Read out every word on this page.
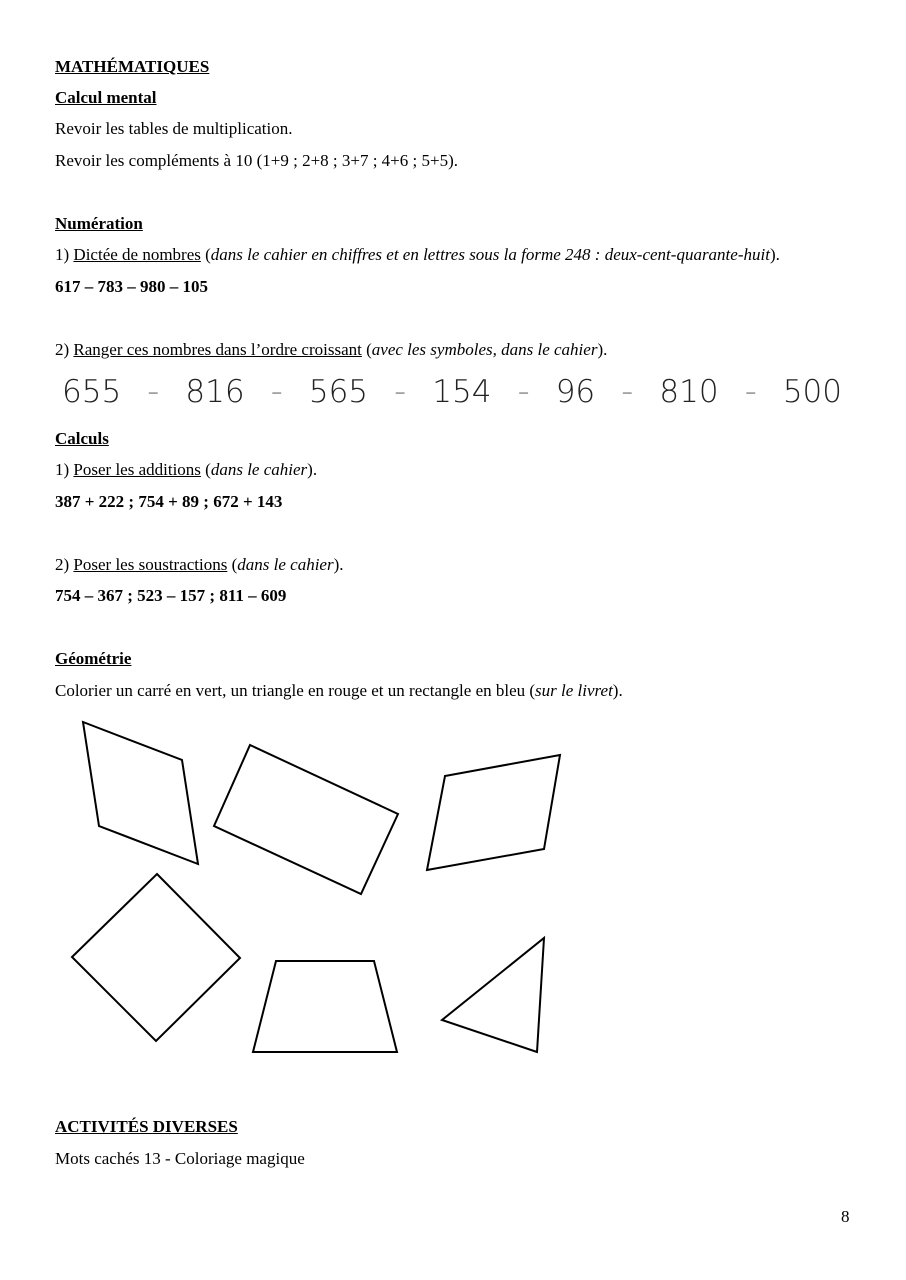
MATHÉMATIQUES
Calcul mental
Revoir les tables de multiplication.
Revoir les compléments à 10 (1+9 ; 2+8 ; 3+7 ; 4+6 ; 5+5).
Numération
1) Dictée de nombres (dans le cahier en chiffres et en lettres sous la forme 248 : deux-cent-quarante-huit).
617 – 783 – 980 – 105
2) Ranger ces nombres dans l’ordre croissant (avec les symboles, dans le cahier).
655 – 816 – 565 – 154 – 96 – 810 – 500
Calculs
1) Poser les additions (dans le cahier).
387 + 222 ; 754 + 89 ; 672 + 143
2) Poser les soustractions (dans le cahier).
754 – 367 ; 523 – 157 ; 811 – 609
Géométrie
Colorier un carré en vert, un triangle en rouge et un rectangle en bleu (sur le livret).
ACTIVITÉS DIVERSES
Mots cachés 13 - Coloriage magique
8
